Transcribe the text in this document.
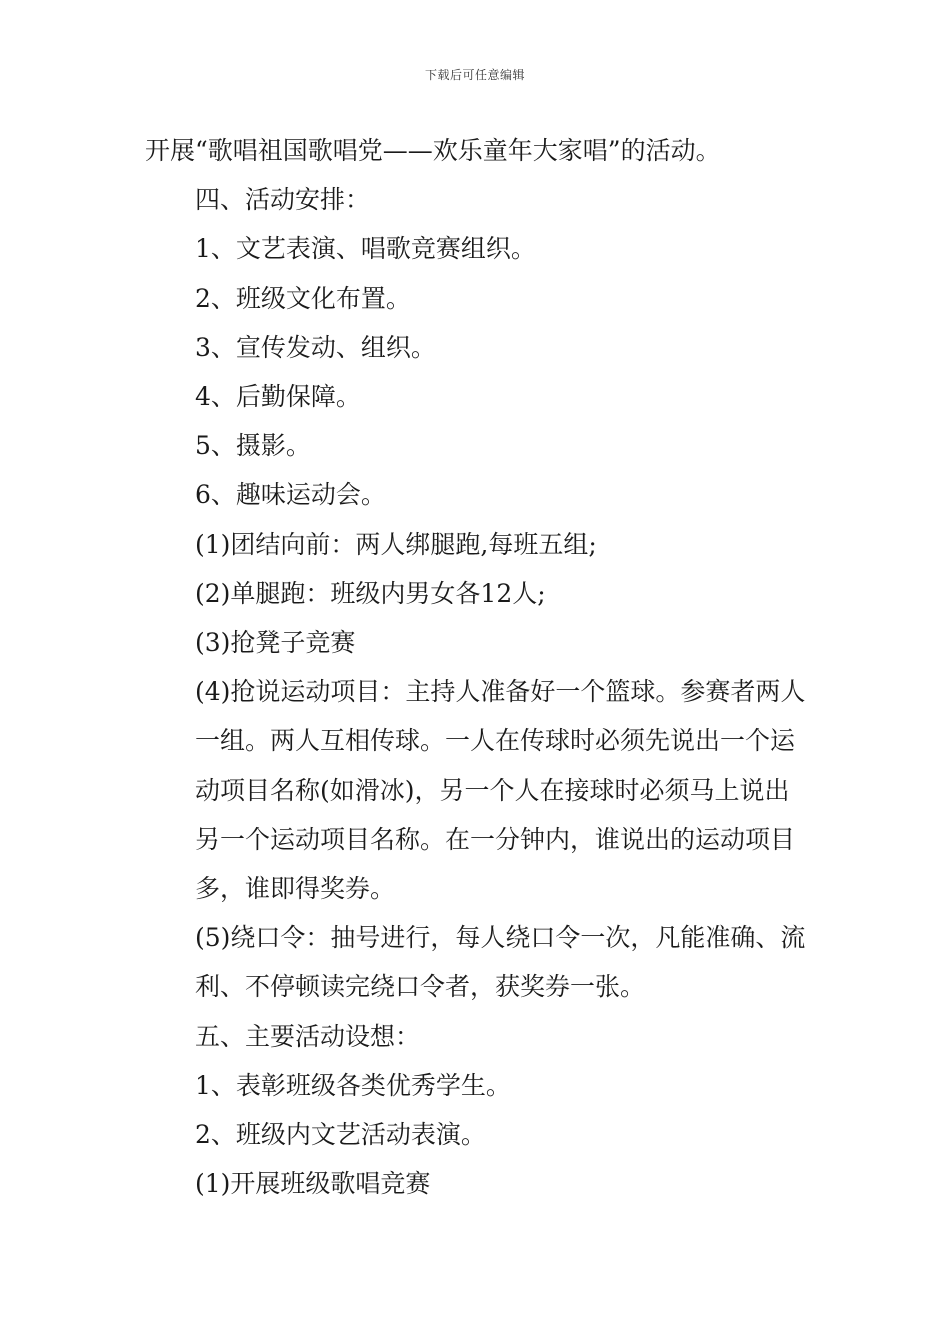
下载后可任意编辑

开展“歌唱祖国歌唱党——欢乐童年大家唱”的活动。

四、活动安排：

1、文艺表演、唱歌竞赛组织。

2、班级文化布置。

3、宣传发动、组织。

4、后勤保障。

5、摄影。

6、趣味运动会。

(1)团结向前：两人绑腿跑,每班五组;

(2)单腿跑：班级内男女各12人;

(3)抢凳子竞赛

(4)抢说运动项目：主持人准备好一个篮球。参赛者两人一组。两人互相传球。一人在传球时必须先说出一个运动项目名称(如滑冰)，另一个人在接球时必须马上说出另一个运动项目名称。在一分钟内，谁说出的运动项目多，谁即得奖券。

(5)绕口令：抽号进行，每人绕口令一次，凡能准确、流利、不停顿读完绕口令者，获奖券一张。

五、主要活动设想：

1、表彰班级各类优秀学生。

2、班级内文艺活动表演。

(1)开展班级歌唱竞赛
